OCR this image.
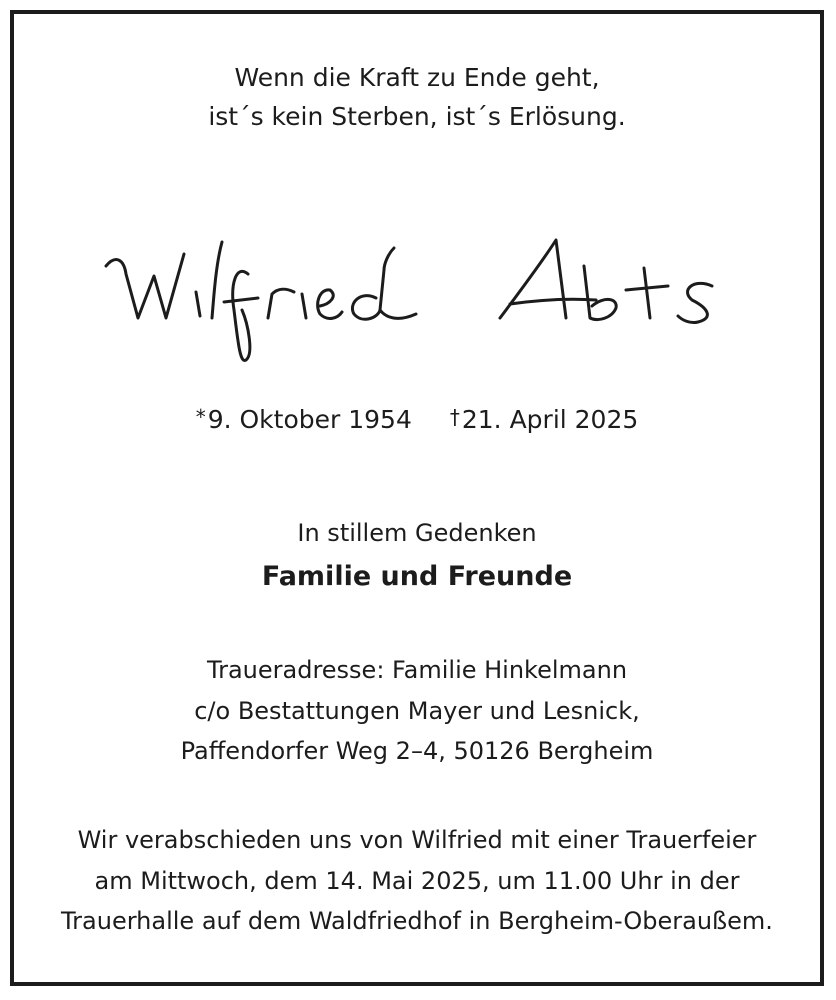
Wenn die Kraft zu Ende geht,
ist´s kein Sterben, ist´s Erlösung.
*9. Oktober 1954 †21. April 2025
In stillem Gedenken
Familie und Freunde
Traueradresse: Familie Hinkelmann
c/o Bestattungen Mayer und Lesnick,
Paffendorfer Weg 2–4, 50126 Bergheim
Wir verabschieden uns von Wilfried mit einer Trauerfeier
am Mittwoch, dem 14. Mai 2025, um 11.00 Uhr in der
Trauerhalle auf dem Waldfriedhof in Bergheim-Oberaußem.
